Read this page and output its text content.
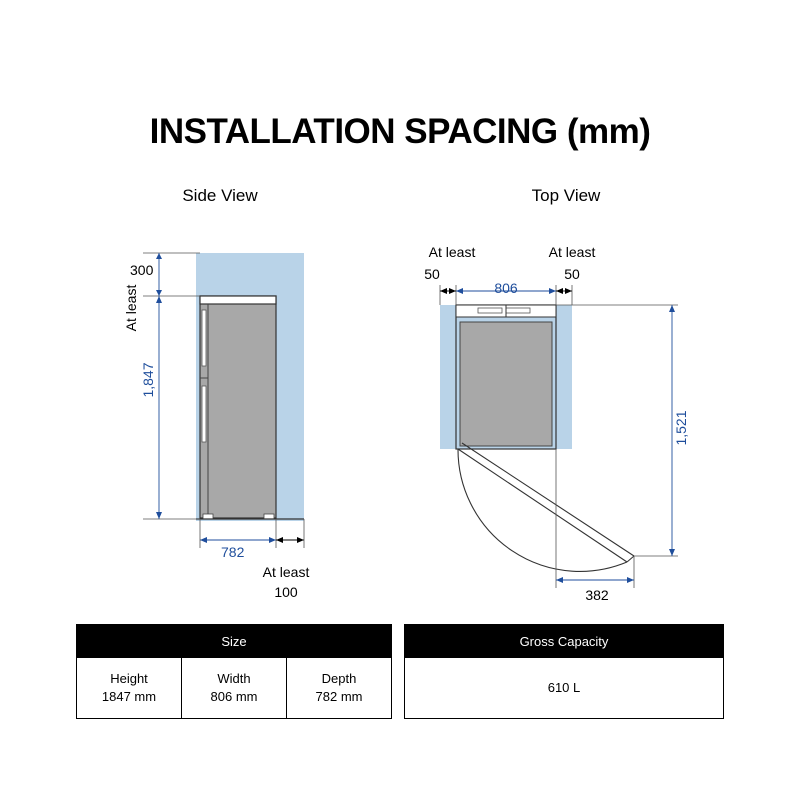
INSTALLATION SPACING (mm)
Side View	Top View
At least
300
1,847
782
At least
100
At least
50
806
At least
50
1,521
382
Size

Height
1847 mm

Width
806 mm

Depth
782 mm
Gross Capacity
610 L
